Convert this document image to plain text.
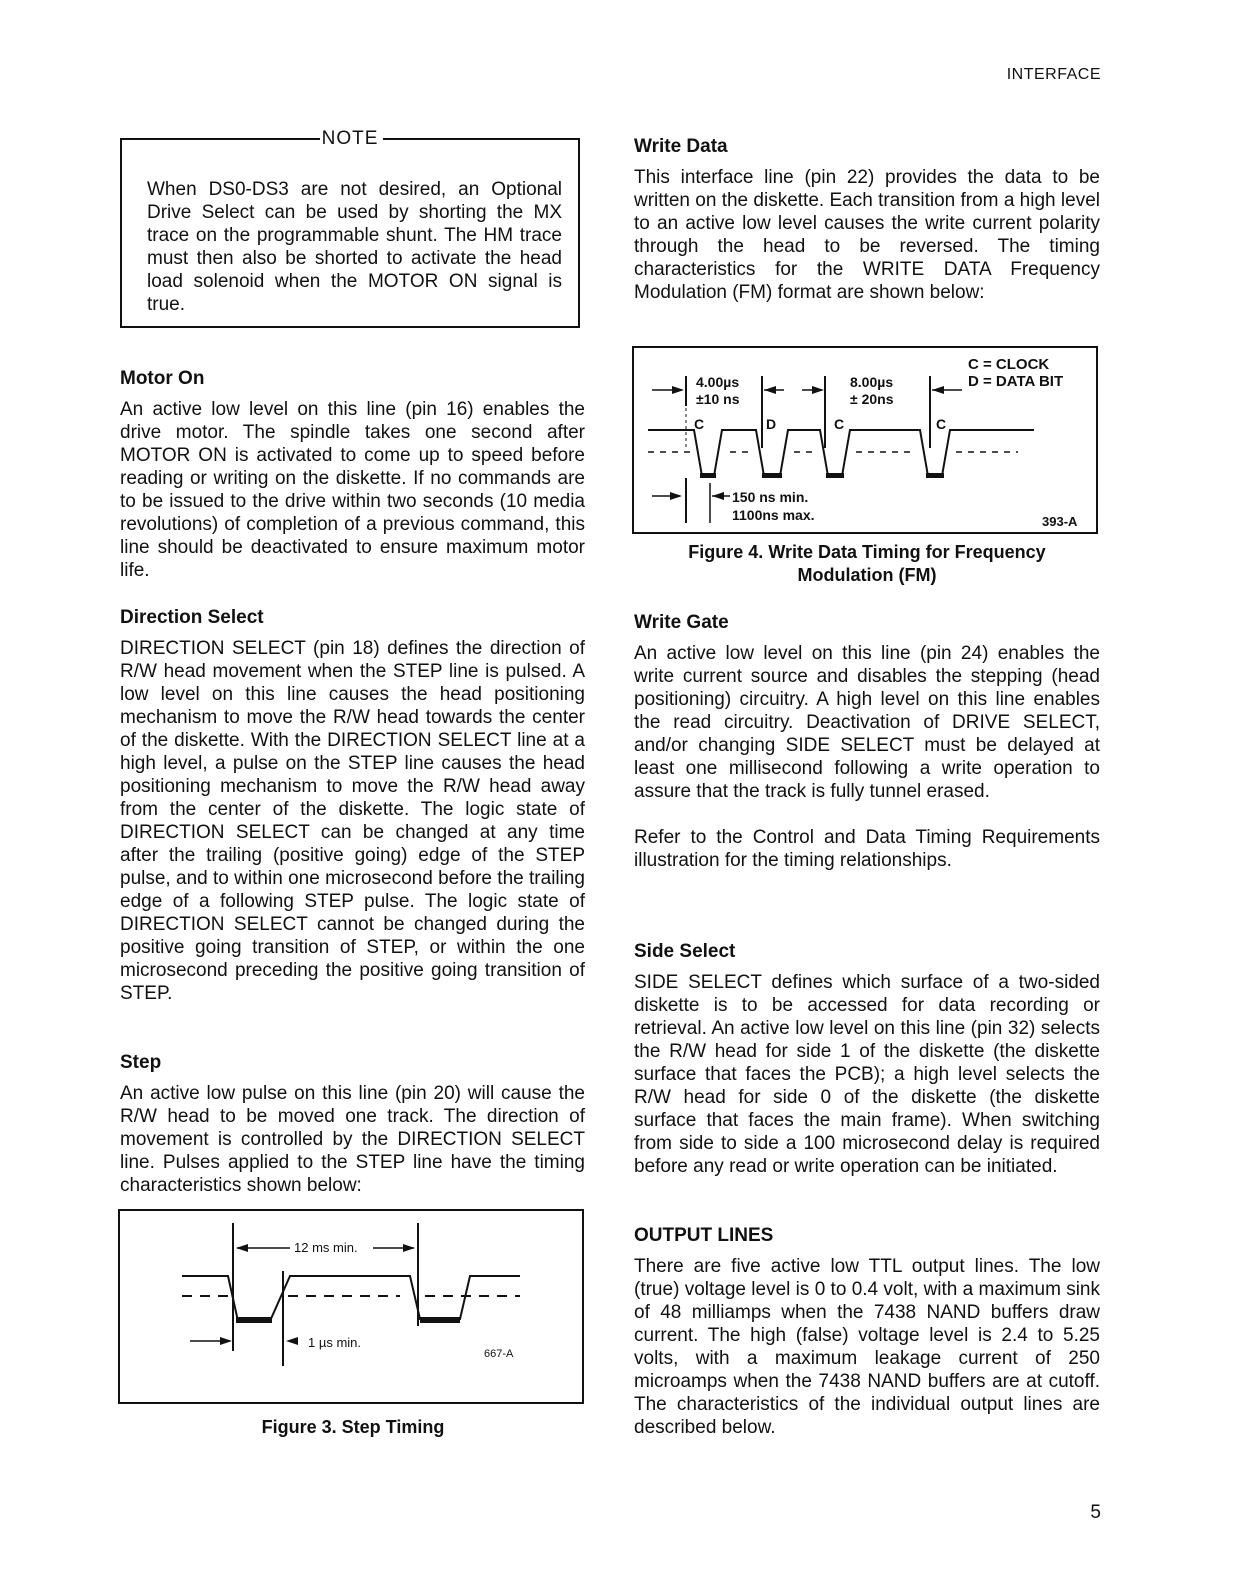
INTERFACE
NOTE
When DS0-DS3 are not desired, an Optional Drive Select can be used by shorting the MX trace on the programmable shunt. The HM trace must then also be shorted to activate the head load solenoid when the MOTOR ON signal is true.
Motor On

An active low level on this line (pin 16) enables the drive motor. The spindle takes one second after MOTOR ON is activated to come up to speed before reading or writing on the diskette. If no commands are to be issued to the drive within two seconds (10 media revolutions) of completion of a previous command, this line should be deactivated to ensure maximum motor life.

Direction Select

DIRECTION SELECT (pin 18) defines the direction of R/W head movement when the STEP line is pulsed. A low level on this line causes the head positioning mechanism to move the R/W head towards the center of the diskette. With the DIRECTION SELECT line at a high level, a pulse on the STEP line causes the head positioning mechanism to move the R/W head away from the center of the diskette. The logic state of DIRECTION SELECT can be changed at any time after the trailing (positive going) edge of the STEP pulse, and to within one microsecond before the trailing edge of a following STEP pulse. The logic state of DIRECTION SELECT cannot be changed during the positive going transition of STEP, or within the one microsecond preceding the positive going transition of STEP.

Step

An active low pulse on this line (pin 20) will cause the R/W head to be moved one track. The direction of movement is controlled by the DIRECTION SELECT line. Pulses applied to the STEP line have the timing characteristics shown below:

12 ms min.
1 µs min.
667-A
Figure 3. Step Timing
Write Data

This interface line (pin 22) provides the data to be written on the diskette. Each transition from a high level to an active low level causes the write current polarity through the head to be reversed. The timing characteristics for the WRITE DATA Frequency Modulation (FM) format are shown below:

4.00µs
±10 ns
8.00µs
± 20ns
C = CLOCK
D = DATA BIT
C	D	C	C
150 ns min.
1100ns max.	393-A
Figure 4. Write Data Timing for Frequency
Modulation (FM)
Write Gate

An active low level on this line (pin 24) enables the write current source and disables the stepping (head positioning) circuitry. A high level on this line enables the read circuitry. Deactivation of DRIVE SELECT, and/or changing SIDE SELECT must be delayed at least one millisecond following a write operation to assure that the track is fully tunnel erased.

Refer to the Control and Data Timing Requirements illustration for the timing relationships.

Side Select

SIDE SELECT defines which surface of a two-sided diskette is to be accessed for data recording or retrieval. An active low level on this line (pin 32) selects the R/W head for side 1 of the diskette (the diskette surface that faces the PCB); a high level selects the R/W head for side 0 of the diskette (the diskette surface that faces the main frame). When switching from side to side a 100 microsecond delay is required before any read or write operation can be initiated.

OUTPUT LINES

There are five active low TTL output lines. The low (true) voltage level is 0 to 0.4 volt, with a maximum sink of 48 milliamps when the 7438 NAND buffers draw current. The high (false) voltage level is 2.4 to 5.25 volts, with a maximum leakage current of 250 microamps when the 7438 NAND buffers are at cutoff. The characteristics of the individual output lines are described below.

5
